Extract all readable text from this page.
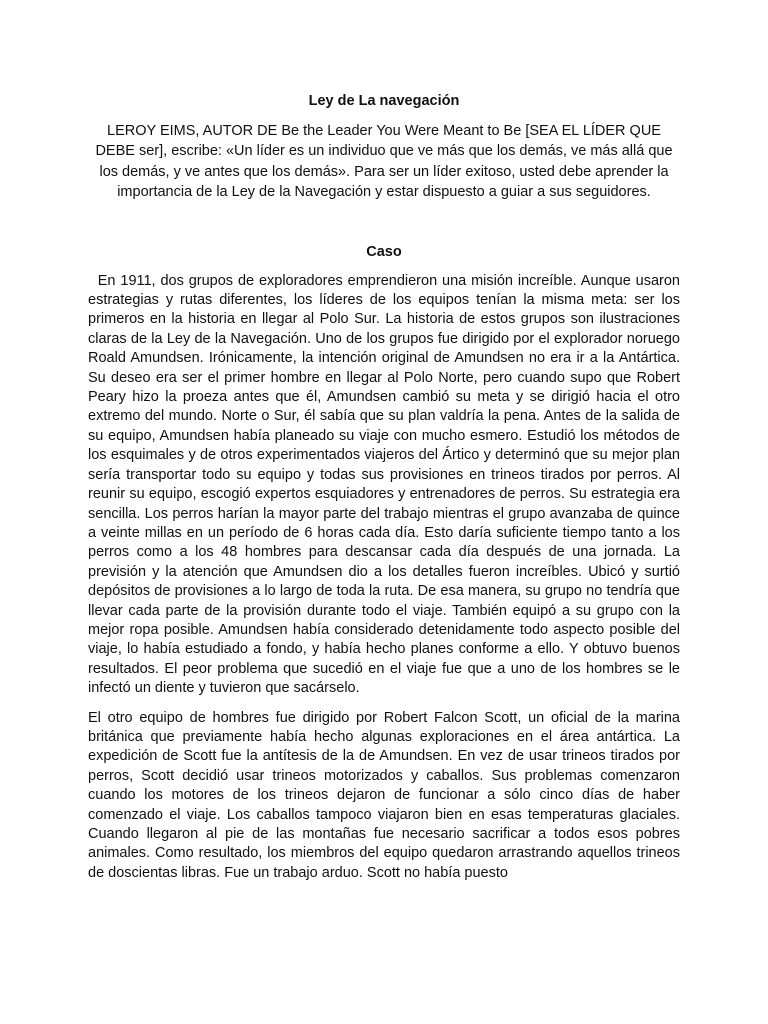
Ley de La navegación

LEROY EIMS, AUTOR DE Be the Leader You Were Meant to Be [SEA EL LÍDER QUE DEBE ser], escribe: «Un líder es un individuo que ve más que los demás, ve más allá que los demás, y ve antes que los demás». Para ser un líder exitoso, usted debe aprender la importancia de la Ley de la Navegación y estar dispuesto a guiar a sus seguidores.

Caso

En 1911, dos grupos de exploradores emprendieron una misión increíble. Aunque usaron estrategias y rutas diferentes, los líderes de los equipos tenían la misma meta: ser los primeros en la historia en llegar al Polo Sur. La historia de estos grupos son ilustraciones claras de la Ley de la Navegación. Uno de los grupos fue dirigido por el explorador noruego Roald Amundsen. Irónicamente, la intención original de Amundsen no era ir a la Antártica. Su deseo era ser el primer hombre en llegar al Polo Norte, pero cuando supo que Robert Peary hizo la proeza antes que él, Amundsen cambió su meta y se dirigió hacia el otro extremo del mundo. Norte o Sur, él sabía que su plan valdría la pena. Antes de la salida de su equipo, Amundsen había planeado su viaje con mucho esmero. Estudió los métodos de los esquimales y de otros experimentados viajeros del Ártico y determinó que su mejor plan sería transportar todo su equipo y todas sus provisiones en trineos tirados por perros. Al reunir su equipo, escogió expertos esquiadores y entrenadores de perros. Su estrategia era sencilla. Los perros harían la mayor parte del trabajo mientras el grupo avanzaba de quince a veinte millas en un período de 6 horas cada día. Esto daría suficiente tiempo tanto a los perros como a los 48 hombres para descansar cada día después de una jornada. La previsión y la atención que Amundsen dio a los detalles fueron increíbles. Ubicó y surtió depósitos de provisiones a lo largo de toda la ruta. De esa manera, su grupo no tendría que llevar cada parte de la provisión durante todo el viaje. También equipó a su grupo con la mejor ropa posible. Amundsen había considerado detenidamente todo aspecto posible del viaje, lo había estudiado a fondo, y había hecho planes conforme a ello. Y obtuvo buenos resultados. El peor problema que sucedió en el viaje fue que a uno de los hombres se le infectó un diente y tuvieron que sacárselo.

El otro equipo de hombres fue dirigido por Robert Falcon Scott, un oficial de la marina británica que previamente había hecho algunas exploraciones en el área antártica. La expedición de Scott fue la antítesis de la de Amundsen. En vez de usar trineos tirados por perros, Scott decidió usar trineos motorizados y caballos. Sus problemas comenzaron cuando los motores de los trineos dejaron de funcionar a sólo cinco días de haber comenzado el viaje. Los caballos tampoco viajaron bien en esas temperaturas glaciales. Cuando llegaron al pie de las montañas fue necesario sacrificar a todos esos pobres animales. Como resultado, los miembros del equipo quedaron arrastrando aquellos trineos de doscientas libras. Fue un trabajo arduo. Scott no había puesto
